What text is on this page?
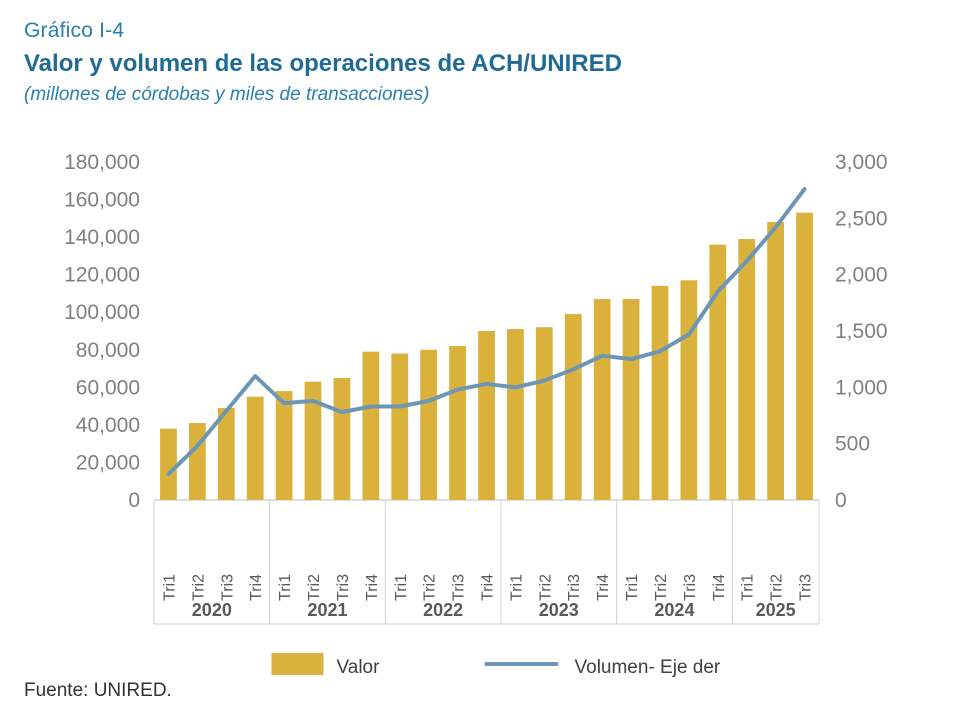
Gráfico I-4
Valor y volumen de las operaciones de ACH/UNIRED
(millones de córdobas y miles de transacciones)
0
20,000
40,000
60,000
80,000
100,000
120,000
140,000
160,000
180,000
0
500
1,000
1,500
2,000
2,500
3,000
Tri1 Tri2 Tri3 Tri4 Tri1 Tri2 Tri3 Tri4 Tri1 Tri2 Tri3 Tri4 Tri1 Tri2 Tri3 Tri4 Tri1 Tri2 Tri3 Tri4 Tri1 Tri2 Tri3
2020	2021	2022	2023	2024	2025
Valor	Volumen- Eje der
Fuente: UNIRED.
